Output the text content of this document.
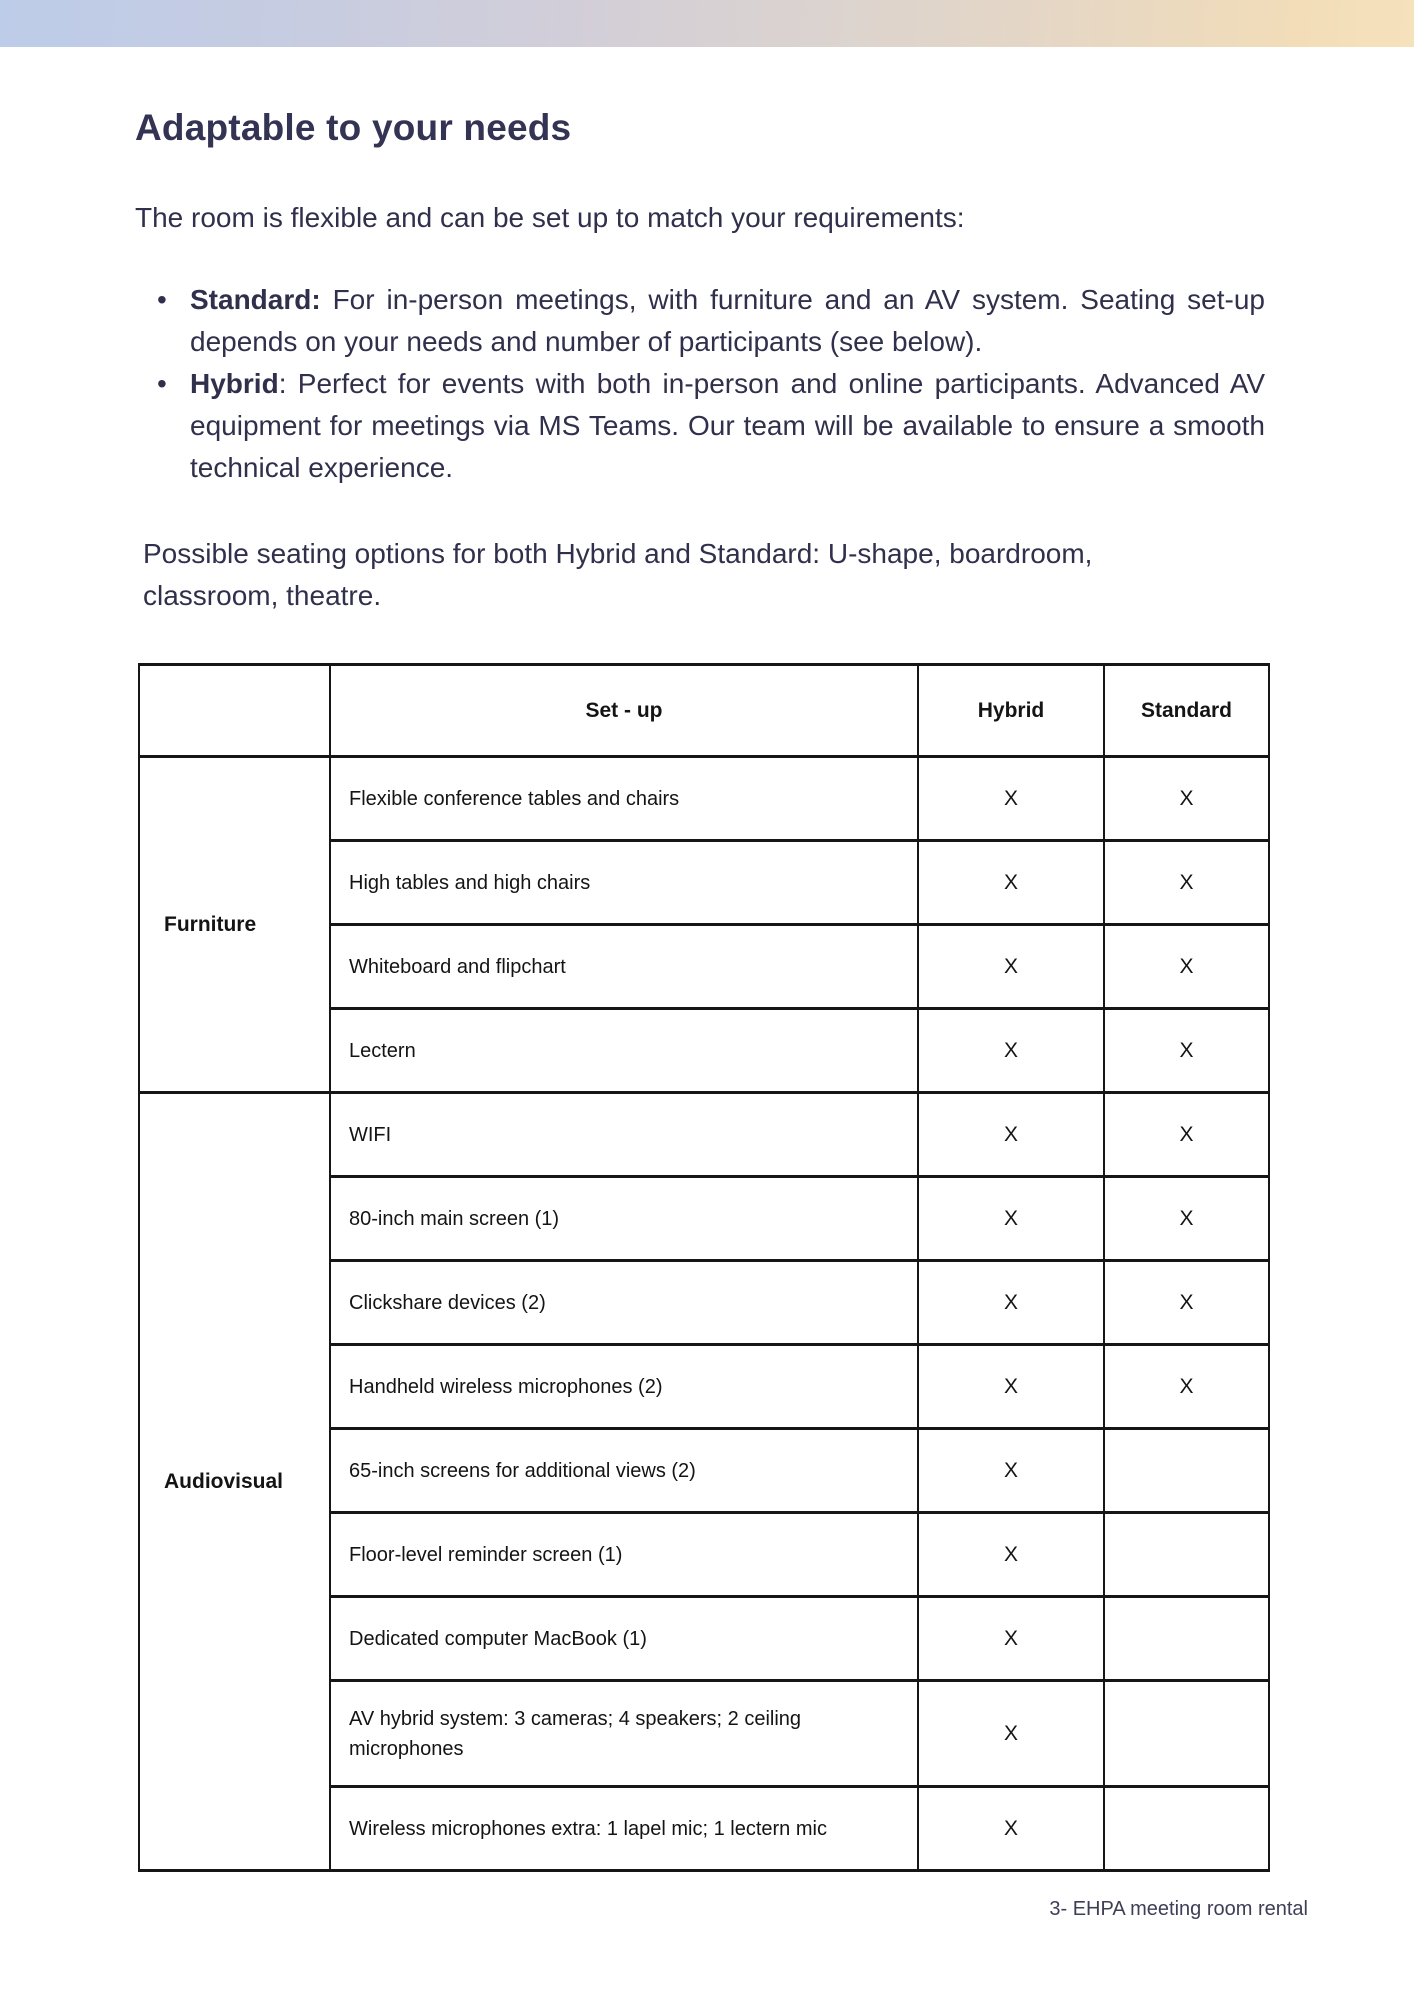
Adaptable to your needs

The room is flexible and can be set up to match your requirements:

• Standard: For in-person meetings, with furniture and an AV system. Seating set-up depends on your needs and number of participants (see below).
• Hybrid: Perfect for events with both in-person and online participants. Advanced AV equipment for meetings via MS Teams. Our team will be available to ensure a smooth technical experience.

Possible seating options for both Hybrid and Standard: U-shape, boardroom, classroom, theatre.

	Set - up	Hybrid	Standard
Furniture	Flexible conference tables and chairs	X	X
	High tables and high chairs	X	X
	Whiteboard and flipchart	X	X
	Lectern	X	X
Audiovisual	WIFI	X	X
	80-inch main screen (1)	X	X
	Clickshare devices (2)	X	X
	Handheld wireless microphones (2)	X	X
	65-inch screens for additional views (2)	X	
	Floor-level reminder screen (1)	X	
	Dedicated computer MacBook (1)	X	
	AV hybrid system: 3 cameras; 4 speakers; 2 ceiling microphones	X	
	Wireless microphones extra: 1 lapel mic; 1 lectern mic	X	
3- EHPA meeting room rental
